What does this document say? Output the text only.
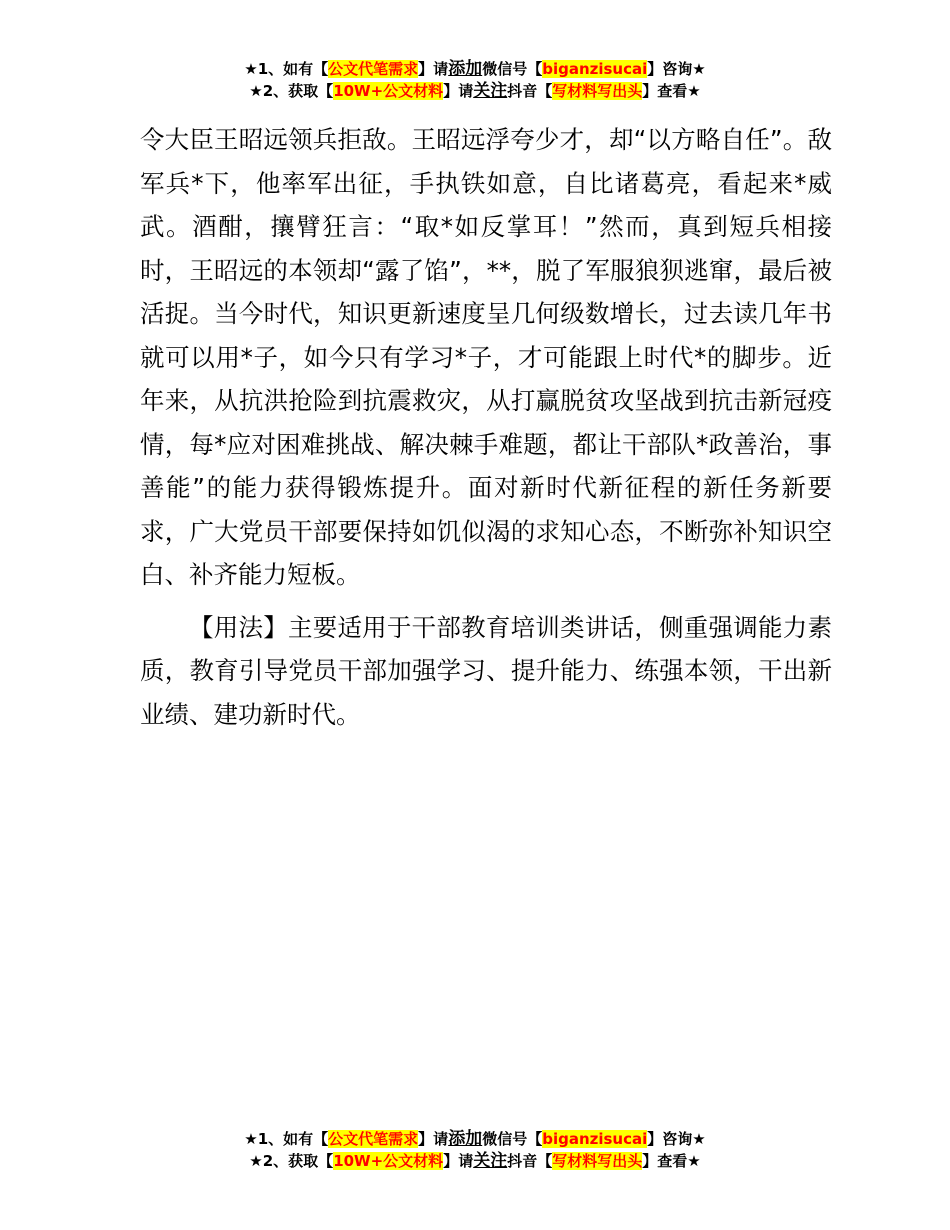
★1、如有【公文代笔需求】请添加微信号【biganzisucai】咨询★
★2、获取【10W+公文材料】请关注抖音【写材料写出头】查看★

令大臣王昭远领兵拒敌。王昭远浮夸少才，却“以方略自任”。敌军兵*下，他率军出征，手执铁如意，自比诸葛亮，看起来*威武。酒酣，攘臂狂言：“取*如反掌耳！”然而，真到短兵相接时，王昭远的本领却“露了馅”，**，脱了军服狼狈逃窜，最后被活捉。当今时代，知识更新速度呈几何级数增长，过去读几年书就可以用*子，如今只有学习*子，才可能跟上时代*的脚步。近年来，从抗洪抢险到抗震救灾，从打赢脱贫攻坚战到抗击新冠疫情，每*应对困难挑战、解决棘手难题，都让干部队*政善治，事善能”的能力获得锻炼提升。面对新时代新征程的新任务新要求，广大党员干部要保持如饥似渴的求知心态，不断弥补知识空白、补齐能力短板。

【用法】主要适用于干部教育培训类讲话，侧重强调能力素质，教育引导党员干部加强学习、提升能力、练强本领，干出新业绩、建功新时代。

★1、如有【公文代笔需求】请添加微信号【biganzisucai】咨询★
★2、获取【10W+公文材料】请关注抖音【写材料写出头】查看★
